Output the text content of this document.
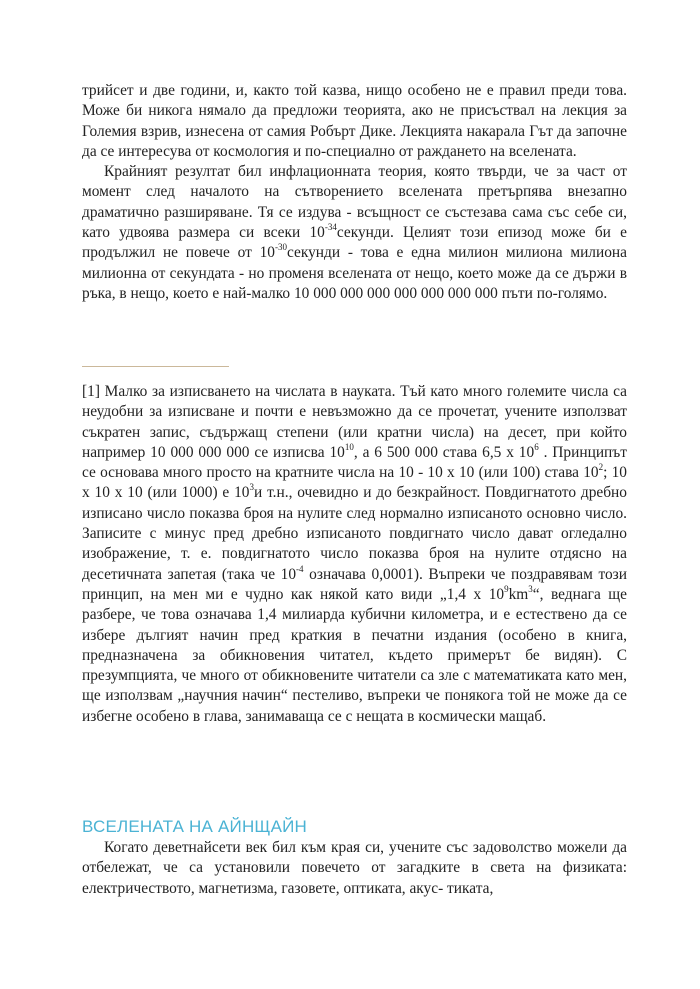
трийсет и две години, и, както той казва, нищо особено не е правил преди това. Може би никога нямало да предложи теорията, ако не присъствал на лекция за Големия взрив, изнесена от самия Робърт Дике. Лекцията накарала Гът да започне да се интересува от космология и по-специално от раждането на вселената.

Крайният резултат бил инфлационната теория, която твърди, че за част от момент след началото на сътворението вселената претърпява внезапно драматично разширяване. Тя се издува - всъщност се състезава сама със себе си, като удвоява размера си всеки $10^{-34}секунди$. Целият този епизод може би е продължил не повече от $10^{-30}секунди$ - това е една милион милиона милиона милионна от секундата - но променя вселената от нещо, което може да се държи в ръка, в нещо, което е най-малко 10 000 000 000 000 000 000 000 пъти по-голямо.

[1] Малко за изписването на числата в науката. Тъй като много големите числа са неудобни за изписване и почти е невъзможно да се прочетат, учените използват съкратен запис, съдържащ степени (или кратни числа) на десет, при който например 10 000 000 000 се изписва $10^{10}$, а 6 500 000 става 6,5 x $10^6$ . Принципът се основава много просто на кратните числа на 10 - 10 x 10 (или 100) става $10^2$; 10 x 10 x 10 (или 1000) е $10^3и$ т.н., очевидно и до безкрайност. Повдигнатото дребно изписано число показва броя на нулите след нормално изписаното основно число. Записите с минус пред дребно изписаното повдигнато число дават огледално изображение, т. е. повдигнатото число показва броя на нулите отдясно на десетичната запетая (така че $10^{-4}$ означава 0,0001). Въпреки че поздравявам този принцип, на мен ми е чудно как някой като види „1,4 x $10^9km^3“$, веднага ще разбере, че това означава 1,4 милиарда кубични километра, и е естествено да се избере дългият начин пред краткия в печатни издания (особено в книга, предназначена за обикновения читател, където примерът бе видян). С презумпцията, че много от обикновените читатели са зле с математиката като мен, ще използвам „научния начин“ пестеливо, въпреки че понякога той не може да се избегне особено в глава, занимаваща се с нещата в космически мащаб.

ВСЕЛЕНАТА НА АЙНЩАЙН

Когато деветнайсети век бил към края си, учените със задоволство можели да отбележат, че са установили повечето от загадките в света на физиката: електричеството, магнетизма, газовете, оптиката, акус- тиката,
